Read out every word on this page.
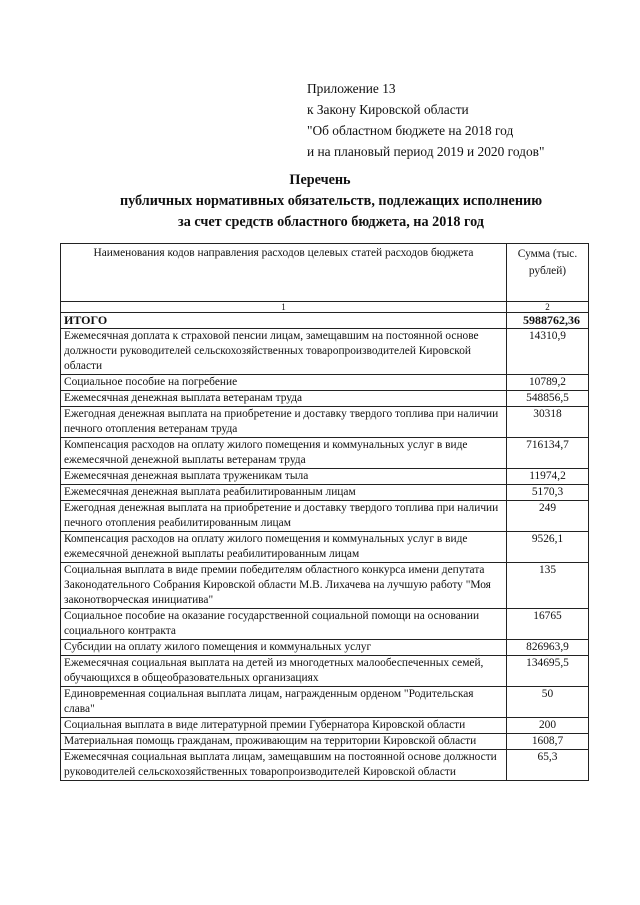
Приложение 13
к Закону Кировской области
"Об областном бюджете на 2018 год
и на плановый период 2019 и 2020 годов"
Перечень
публичных нормативных обязательств, подлежащих исполнению
за счет средств областного бюджета, на 2018 год
Наименования кодов направления расходов целевых статей расходов бюджета	Сумма (тыс. рублей)
1	2
ИТОГО	5988762,36
Ежемесячная доплата к страховой пенсии лицам, замещавшим на постоянной основе должности руководителей сельскохозяйственных товаропроизводителей Кировской области	14310,9
Социальное пособие на погребение	10789,2
Ежемесячная денежная выплата ветеранам труда	548856,5
Ежегодная денежная выплата на приобретение и доставку твердого топлива при наличии печного отопления ветеранам труда	30318
Компенсация расходов на оплату жилого помещения и коммунальных услуг в виде ежемесячной денежной выплаты ветеранам труда	716134,7
Ежемесячная денежная выплата труженикам тыла	11974,2
Ежемесячная денежная выплата реабилитированным лицам	5170,3
Ежегодная денежная выплата на приобретение и доставку твердого топлива при наличии печного отопления реабилитированным лицам	249
Компенсация расходов на оплату жилого помещения и коммунальных услуг в виде ежемесячной денежной выплаты реабилитированным лицам	9526,1
Социальная выплата в виде премии победителям областного конкурса имени депутата Законодательного Собрания Кировской области М.В. Лихачева на лучшую работу "Моя законотворческая инициатива"	135
Социальное пособие на оказание государственной социальной помощи на основании социального контракта	16765
Субсидии на оплату жилого помещения и коммунальных услуг	826963,9
Ежемесячная социальная выплата на детей из многодетных малообеспеченных семей, обучающихся в общеобразовательных организациях	134695,5
Единовременная социальная выплата лицам, награжденным орденом "Родительская слава"	50
Социальная выплата в виде литературной премии Губернатора Кировской области	200
Материальная помощь гражданам, проживающим на территории Кировской области	1608,7
Ежемесячная социальная выплата лицам, замещавшим на постоянной основе должности руководителей сельскохозяйственных товаропроизводителей Кировской области	65,3
